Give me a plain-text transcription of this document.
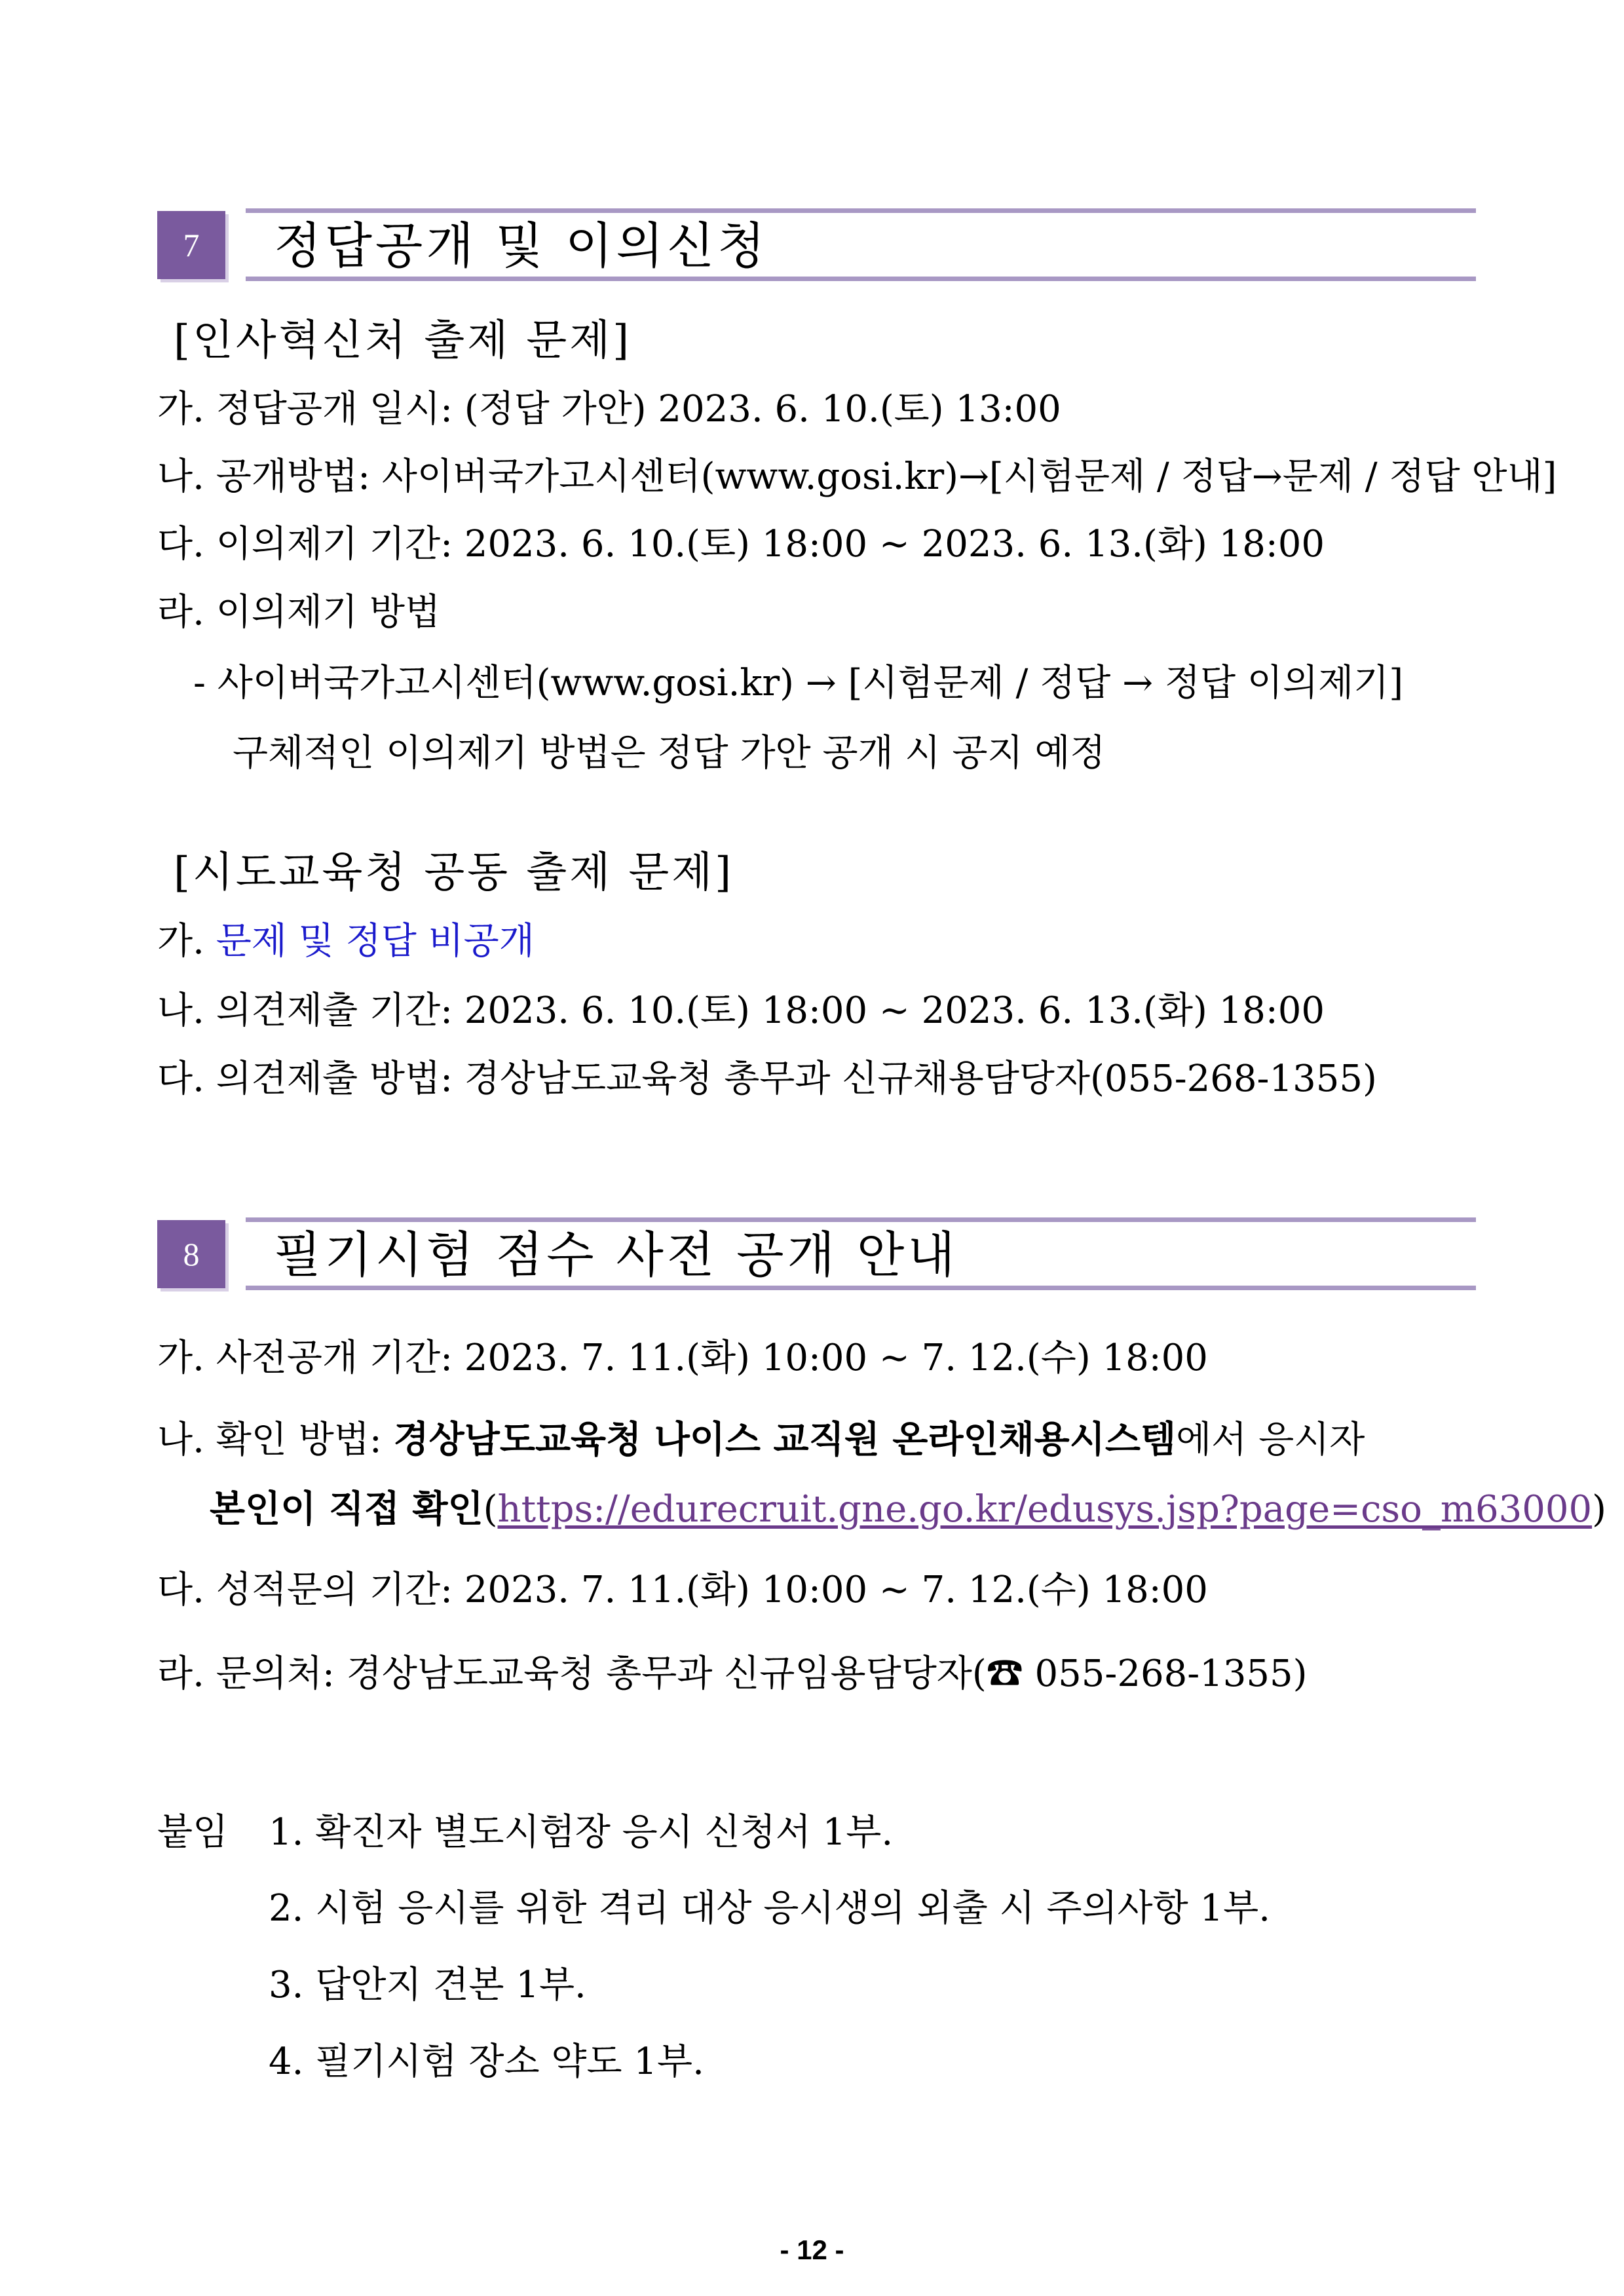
7	정답공개 및 이의신청
[인사혁신처 출제 문제]
가. 정답공개 일시: (정답 가안) 2023. 6. 10.(토) 13:00
나. 공개방법: 사이버국가고시센터(www.gosi.kr)→[시험문제 / 정답→문제 / 정답 안내]
다. 이의제기 기간: 2023. 6. 10.(토) 18:00 ~ 2023. 6. 13.(화) 18:00
라. 이의제기 방법
- 사이버국가고시센터(www.gosi.kr) → [시험문제 / 정답 → 정답 이의제기]
구체적인 이의제기 방법은 정답 가안 공개 시 공지 예정
[시도교육청 공동 출제 문제]
가. 문제 및 정답 비공개
나. 의견제출 기간: 2023. 6. 10.(토) 18:00 ~ 2023. 6. 13.(화) 18:00
다. 의견제출 방법: 경상남도교육청 총무과 신규채용담당자(055-268-1355)
8	필기시험 점수 사전 공개 안내
가. 사전공개 기간: 2023. 7. 11.(화) 10:00 ~ 7. 12.(수) 18:00
나. 확인 방법: 경상남도교육청 나이스 교직원 온라인채용시스템에서 응시자
본인이 직접 확인(https://edurecruit.gne.go.kr/edusys.jsp?page=cso_m63000)
다. 성적문의 기간: 2023. 7. 11.(화) 10:00 ~ 7. 12.(수) 18:00
라. 문의처: 경상남도교육청 총무과 신규임용담당자(☎ 055-268-1355)
붙임 1. 확진자 별도시험장 응시 신청서 1부.
2. 시험 응시를 위한 격리 대상 응시생의 외출 시 주의사항 1부.
3. 답안지 견본 1부.
4. 필기시험 장소 약도 1부.
- 12 -
